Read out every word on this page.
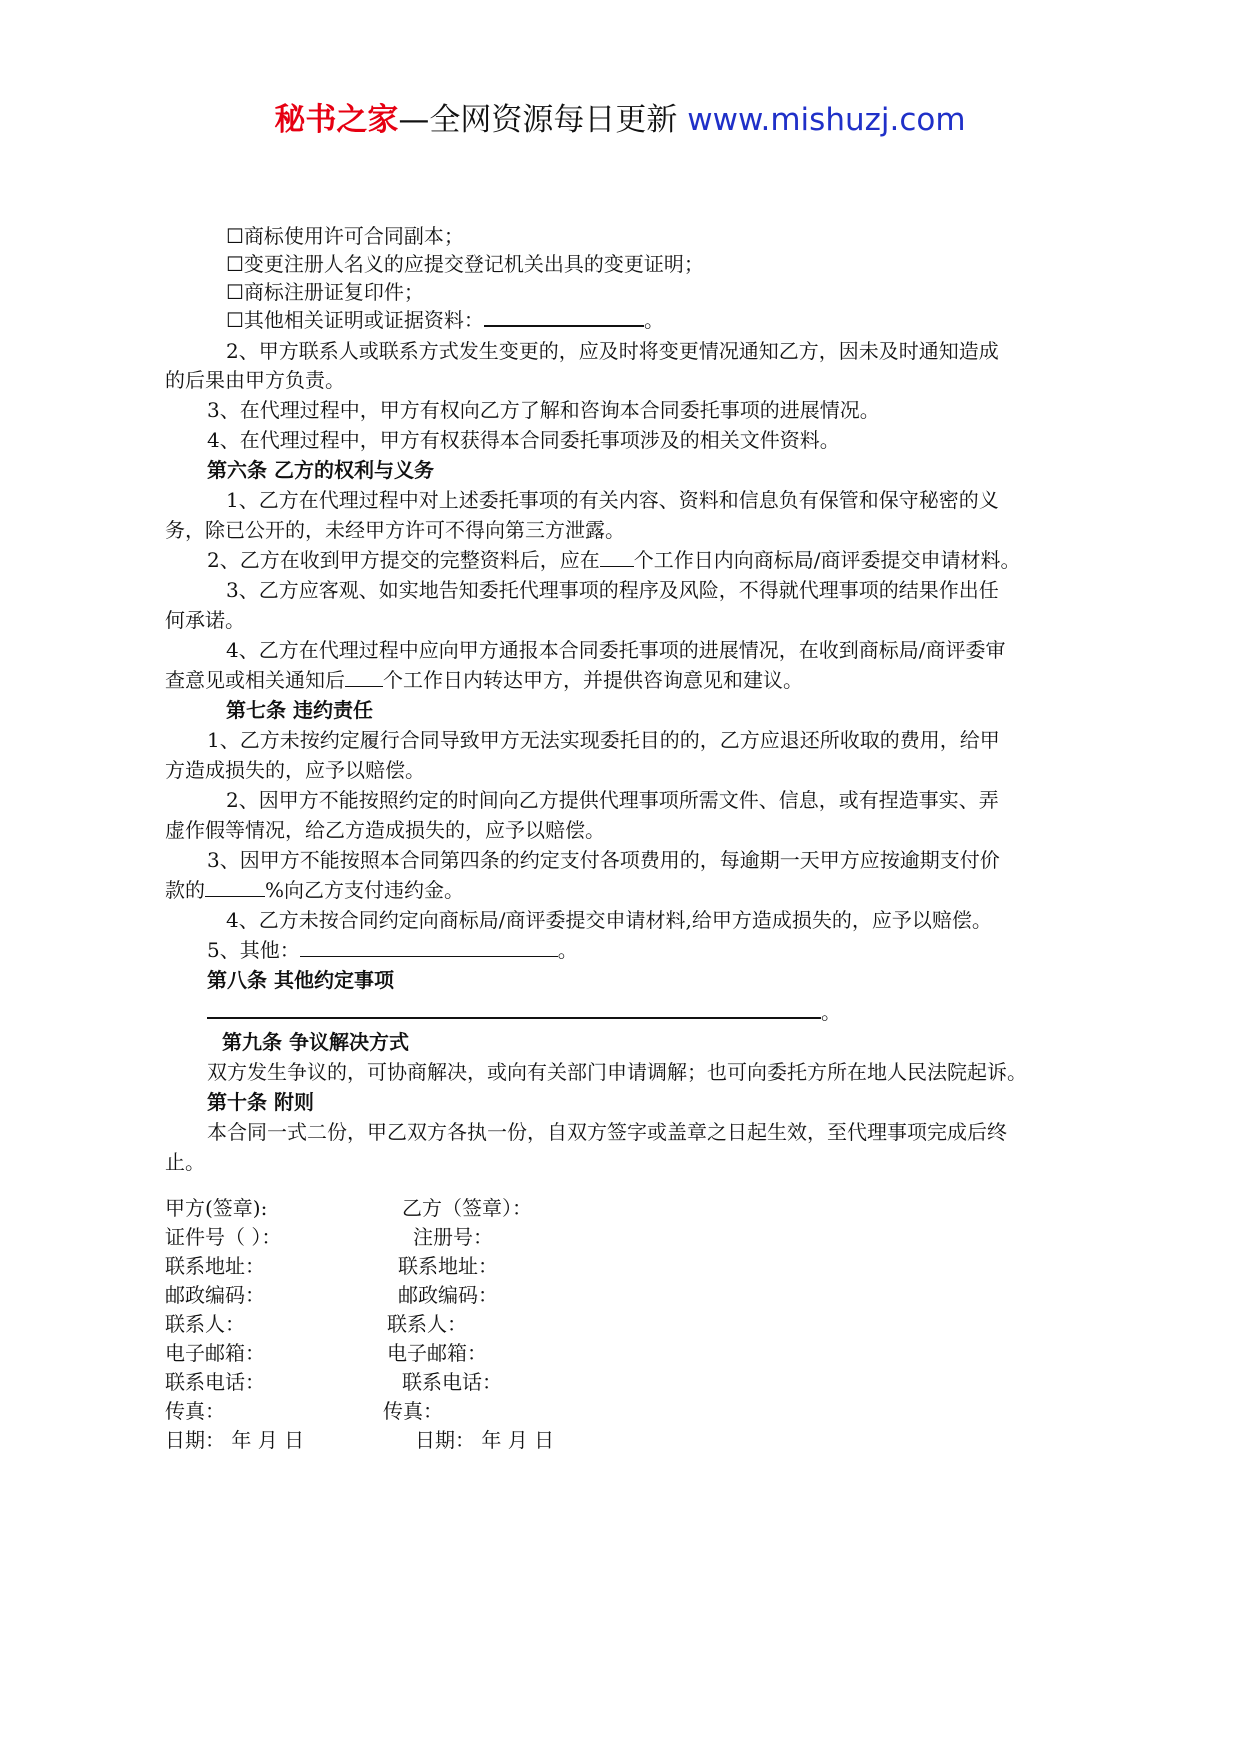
秘书之家—全网资源每日更新 www.mishuzj.com
☐商标使用许可合同副本；
☐变更注册人名义的应提交登记机关出具的变更证明；
☐商标注册证复印件；
☐其他相关证明或证据资料：	。
2、甲方联系人或联系方式发生变更的，应及时将变更情况通知乙方，因未及时通知造成
的后果由甲方负责。
3、在代理过程中，甲方有权向乙方了解和咨询本合同委托事项的进展情况。
4、在代理过程中，甲方有权获得本合同委托事项涉及的相关文件资料。
第六条 乙方的权利与义务
1、乙方在代理过程中对上述委托事项的有关内容、资料和信息负有保管和保守秘密的义
务，除已公开的，未经甲方许可不得向第三方泄露。
2、乙方在收到甲方提交的完整资料后，应在 个工作日内向商标局/商评委提交申请材料。
3、乙方应客观、如实地告知委托代理事项的程序及风险，不得就代理事项的结果作出任
何承诺。
4、乙方在代理过程中应向甲方通报本合同委托事项的进展情况，在收到商标局/商评委审
查意见或相关通知后 个工作日内转达甲方，并提供咨询意见和建议。
第七条 违约责任
1、乙方未按约定履行合同导致甲方无法实现委托目的的，乙方应退还所收取的费用，给甲
方造成损失的，应予以赔偿。
2、因甲方不能按照约定的时间向乙方提供代理事项所需文件、信息，或有捏造事实、弄
虚作假等情况，给乙方造成损失的，应予以赔偿。
3、因甲方不能按照本合同第四条的约定支付各项费用的，每逾期一天甲方应按逾期支付价
款的	%向乙方支付违约金。
4、乙方未按合同约定向商标局/商评委提交申请材料,给甲方造成损失的，应予以赔偿。
5、其他：	。
第八条 其他约定事项
。
第九条 争议解决方式
双方发生争议的，可协商解决，或向有关部门申请调解；也可向委托方所在地人民法院起诉。
第十条 附则
本合同一式二份，甲乙双方各执一份，自双方签字或盖章之日起生效，至代理事项完成后终
止。
甲方(签章):	乙方（签章）：
证件号（ ）：	注册号：
联系地址：	联系地址：
邮政编码：	邮政编码：
联系人：	联系人：
电子邮箱：	电子邮箱：
联系电话：	联系电话：
传真：	传真：
日期： 年 月 日	日期： 年 月 日
